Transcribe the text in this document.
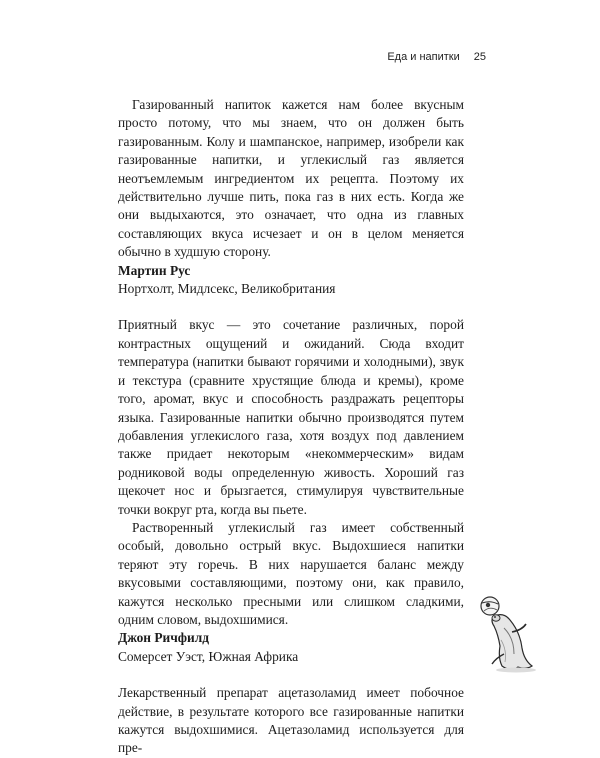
Еда и напитки 25

Газированный напиток кажется нам более вкусным просто потому, что мы знаем, что он должен быть газированным. Колу и шампанское, например, изобрели как газированные напитки, и углекислый газ является неотъемлемым ингредиентом их рецепта. Поэтому их действительно лучше пить, пока газ в них есть. Когда же они выдыхаются, это означает, что одна из главных составляющих вкуса исчезает и он в целом меняется обычно в худшую сторону.

Мартин Рус

Нортхолт, Мидлсекс, Великобритания

Приятный вкус — это сочетание различных, порой контрастных ощущений и ожиданий. Сюда входит температура (напитки бывают горячими и холодными), звук и текстура (сравните хрустящие блюда и кремы), кроме того, аромат, вкус и способность раздражать рецепторы языка. Газированные напитки обычно производятся путем добавления углекислого газа, хотя воздух под давлением также придает некоторым «некоммерческим» видам родниковой воды определенную живость. Хороший газ щекочет нос и брызгается, стимулируя чувствительные точки вокруг рта, когда вы пьете.

Растворенный углекислый газ имеет собственный особый, довольно острый вкус. Выдохшиеся напитки теряют эту горечь. В них нарушается баланс между вкусовыми составляющими, поэтому они, как правило, кажутся несколько пресными или слишком сладкими, одним словом, выдохшимися.

Джон Ричфилд

Сомерсет Уэст, Южная Африка

Лекарственный препарат ацетазоламид имеет побочное действие, в результате которого все газированные напитки кажутся выдохшимися. Ацетазоламид используется для пре-
